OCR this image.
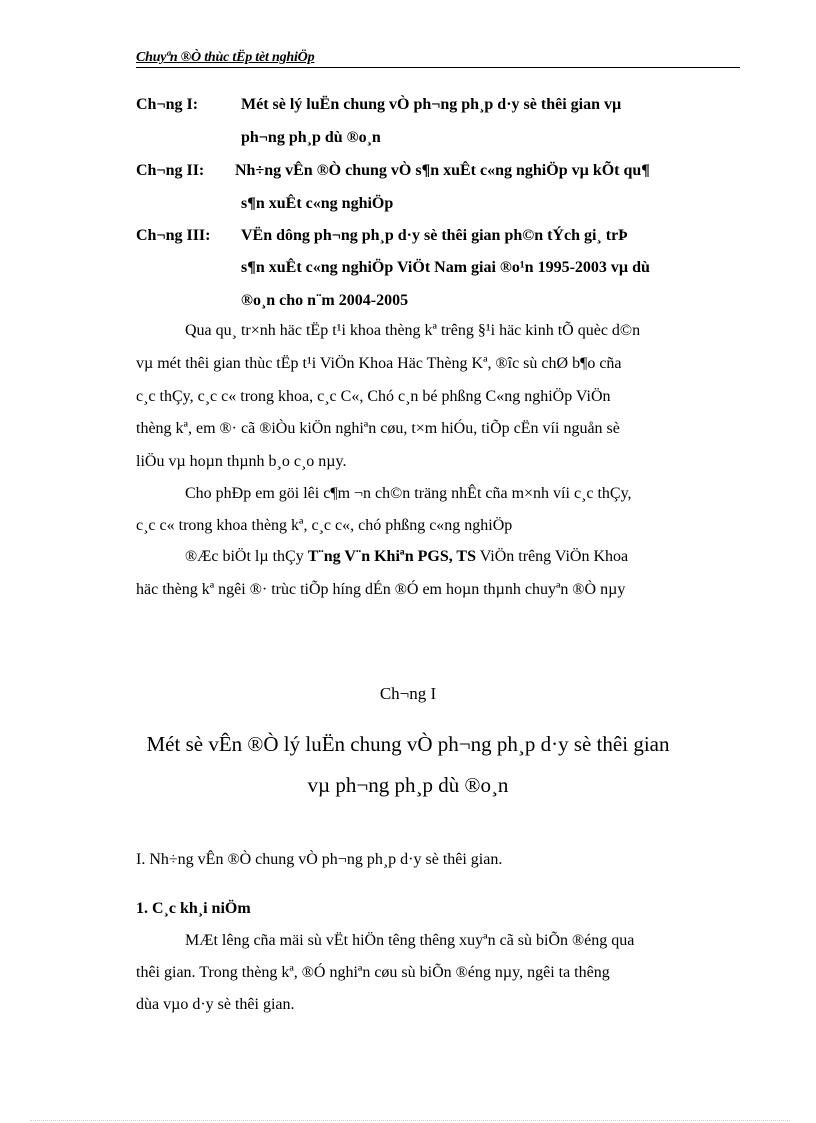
Chuyªn ®Ò thùc tËp tèt nghiÖp
Ch¬ng I:	Mét sè lý luËn chung vÒ ph¬ng ph¸p d·y sè thêi gian vµ
ph¬ng ph¸p dù ®o¸n
Ch¬ng II: Nh÷ng vÊn ®Ò chung vÒ s¶n xuÊt c«ng nghiÖp vµ kÕt qu¶
s¶n xuÊt c«ng nghiÖp
Ch¬ng III: VËn dông ph¬ng ph¸p d·y sè thêi gian ph©n tÝch gi¸ trÞ
s¶n xuÊt c«ng nghiÖp ViÖt Nam giai ®o¹n 1995-2003 vµ dù
®o¸n cho n¨m 2004-2005
Qua qu¸ tr×nh häc tËp t¹i khoa thèng kª trêng §¹i häc kinh tÕ quèc d©n
vµ mét thêi gian thùc tËp t¹i ViÖn Khoa Häc Thèng Kª, ®îc sù chØ b¶o cña
c¸c thÇy, c¸c c« trong khoa, c¸c C«, Chó c¸n bé phßng C«ng nghiÖp ViÖn
thèng kª, em ®· cã ®iÒu kiÖn nghiªn cøu, t×m hiÓu, tiÕp cËn víi nguån sè
liÖu vµ hoµn thµnh b¸o c¸o nµy.
Cho phÐp em göi lêi c¶m ¬n ch©n träng nhÊt cña m×nh víi c¸c thÇy,
c¸c c« trong khoa thèng kª, c¸c c«, chó phßng c«ng nghiÖp
®Æc biÖt lµ thÇy T¨ng V¨n Khiªn PGS, TS ViÖn trêng ViÖn Khoa
häc thèng kª ngêi ®· trùc tiÕp híng dÉn ®Ó em hoµn thµnh chuyªn ®Ò nµy
Ch¬ng I
Mét sè vÊn ®Ò lý luËn chung vÒ ph¬ng ph¸p d·y sè thêi gian
vµ ph¬ng ph¸p dù ®o¸n
I. Nh÷ng vÊn ®Ò chung vÒ ph¬ng ph¸p d·y sè thêi gian.
1. C¸c kh¸i niÖm
MÆt lêng cña mäi sù vËt hiÖn têng thêng xuyªn cã sù biÕn ®éng qua
thêi gian. Trong thèng kª, ®Ó nghiªn cøu sù biÕn ®éng nµy, ngêi ta thêng
dùa vµo d·y sè thêi gian.
